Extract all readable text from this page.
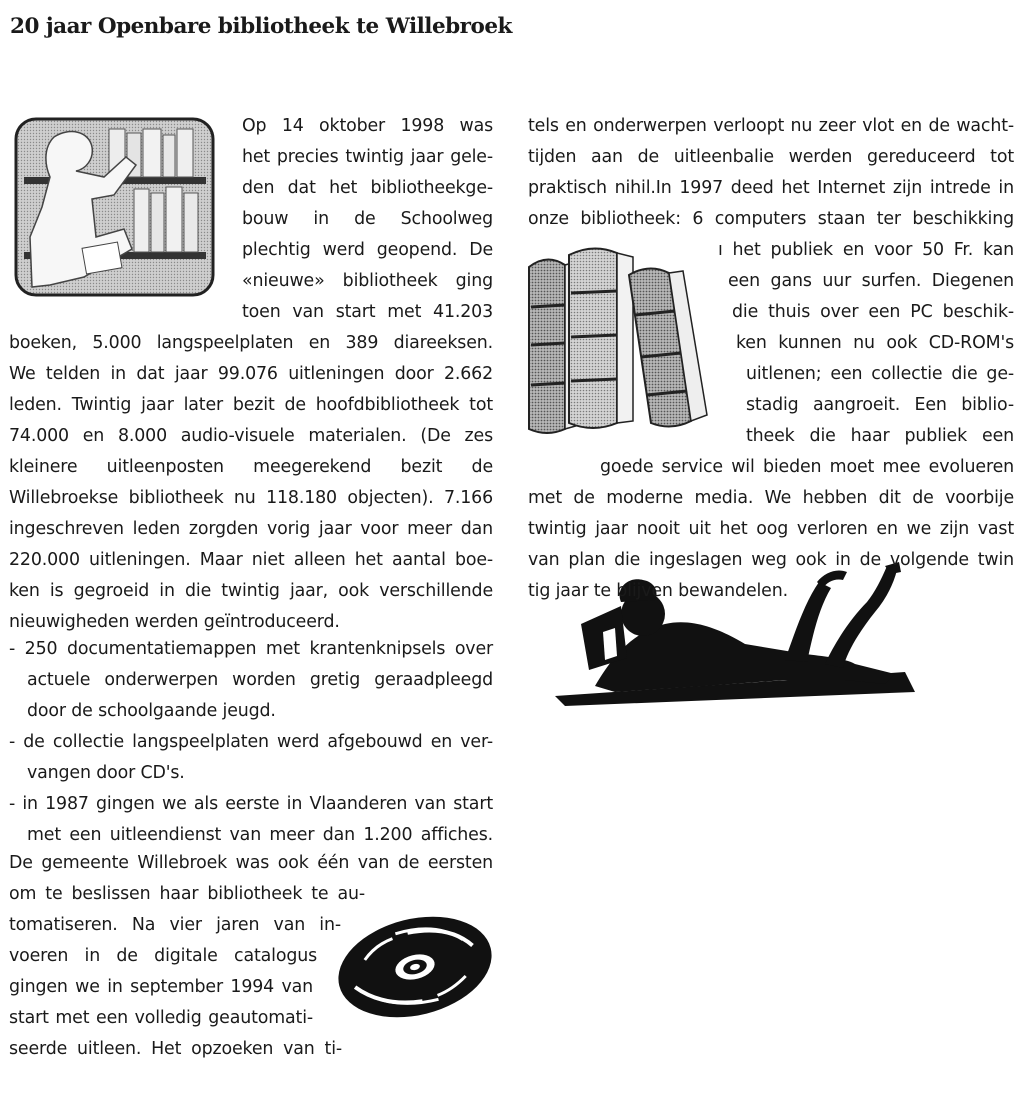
20 jaar Openbare bibliotheek te Willebroek
Op 14 oktober 1998 was
het precies twintig jaar gele-
den dat het bibliotheekge-
bouw in de Schoolweg
plechtig werd geopend. De
«nieuwe» bibliotheek ging
toen van start met 41.203
boeken, 5.000 langspeelplaten en 389 diareeksen.
We telden in dat jaar 99.076 uitleningen door 2.662
leden. Twintig jaar later bezit de hoofdbibliotheek tot
74.000 en 8.000 audio-visuele materialen. (De zes
kleinere uitleenposten meegerekend bezit de
Willebroekse bibliotheek nu 118.180 objecten). 7.166
ingeschreven leden zorgden vorig jaar voor meer dan
220.000 uitleningen. Maar niet alleen het aantal boe-
ken is gegroeid in die twintig jaar, ook verschillende
nieuwigheden werden geïntroduceerd.
- 250 documentatiemappen met krantenknipsels over
actuele onderwerpen worden gretig geraadpleegd
door de schoolgaande jeugd.
- de collectie langspeelplaten werd afgebouwd en ver-
vangen door CD's.
- in 1987 gingen we als eerste in Vlaanderen van start
met een uitleendienst van meer dan 1.200 affiches.
De gemeente Willebroek was ook één van de eersten
om te beslissen haar bibliotheek te au-
tomatiseren. Na vier jaren van in-
voeren in de digitale catalogus
gingen we in september 1994 van
start met een volledig geautomati-
seerde uitleen. Het opzoeken van ti-
tels en onderwerpen verloopt nu zeer vlot en de wacht-
tijden aan de uitleenbalie werden gereduceerd tot
praktisch nihil.In 1997 deed het Internet zijn intrede in
onze bibliotheek: 6 computers staan ter beschikking
ı het publiek en voor 50 Fr. kan
een gans uur surfen. Diegenen
die thuis over een PC beschik-
ken kunnen nu ook CD-ROM's
uitlenen; een collectie die ge-
stadig aangroeit. Een biblio-
theek die haar publiek een
goede service wil bieden moet mee evolueren
met de moderne media. We hebben dit de voorbije
twintig jaar nooit uit het oog verloren en we zijn vast
van plan die ingeslagen weg ook in de volgende twin
tig jaar te blijven bewandelen.
